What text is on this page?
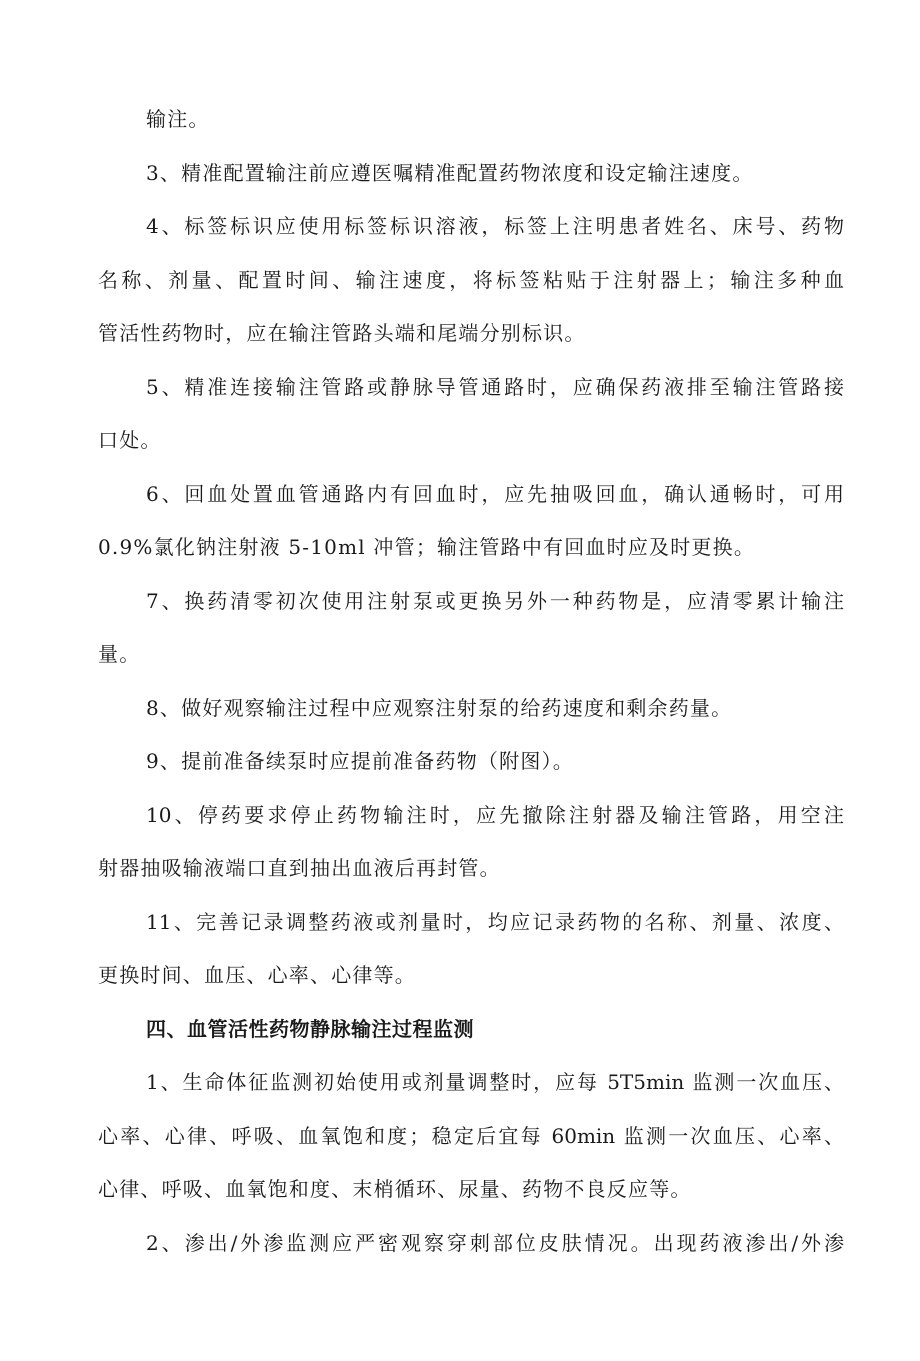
输注。
3、精准配置输注前应遵医嘱精准配置药物浓度和设定输注速度。
4、标签标识应使用标签标识溶液，标签上注明患者姓名、床号、药物
名称、剂量、配置时间、输注速度，将标签粘贴于注射器上；输注多种血
管活性药物时，应在输注管路头端和尾端分别标识。
5、精准连接输注管路或静脉导管通路时，应确保药液排至输注管路接
口处。
6、回血处置血管通路内有回血时，应先抽吸回血，确认通畅时，可用
0.9%氯化钠注射液 5-10ml 冲管；输注管路中有回血时应及时更换。
7、换药清零初次使用注射泵或更换另外一种药物是，应清零累计输注
量。
8、做好观察输注过程中应观察注射泵的给药速度和剩余药量。
9、提前准备续泵时应提前准备药物（附图）。
10、停药要求停止药物输注时，应先撤除注射器及输注管路，用空注
射器抽吸输液端口直到抽出血液后再封管。
11、完善记录调整药液或剂量时，均应记录药物的名称、剂量、浓度、
更换时间、血压、心率、心律等。
四、血管活性药物静脉输注过程监测
1、生命体征监测初始使用或剂量调整时，应每 5T5min 监测一次血压、
心率、心律、呼吸、血氧饱和度；稳定后宜每 60min 监测一次血压、心率、
心律、呼吸、血氧饱和度、末梢循环、尿量、药物不良反应等。
2、渗出/外渗监测应严密观察穿刺部位皮肤情况。出现药液渗出/外渗
